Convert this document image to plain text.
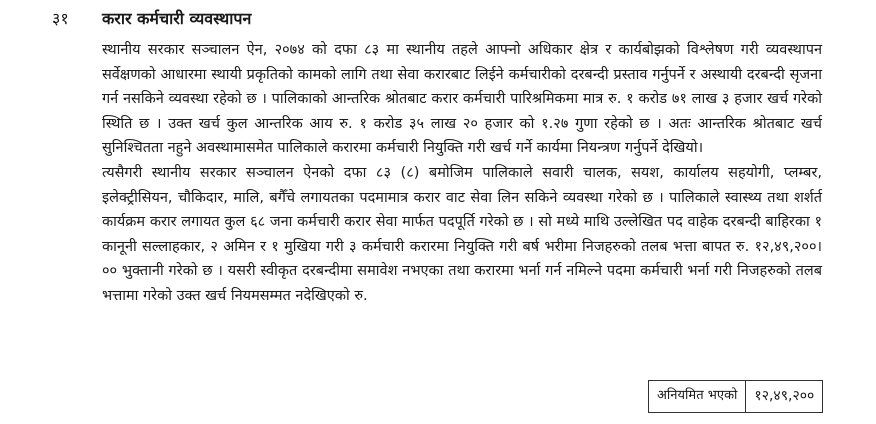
३१ करार कर्मचारी व्यवस्थापन

स्थानीय सरकार सञ्चालन ऐन, २०७४ को दफा ८३ मा स्थानीय तहले आफ्नो अधिकार क्षेत्र र कार्यबोझको विश्लेषण गरी व्यवस्थापन सर्वेक्षणको आधारमा स्थायी प्रकृतिको कामको लागि तथा सेवा करारबाट लिईने कर्मचारीको दरबन्दी प्रस्ताव गर्नुपर्ने र अस्थायी दरबन्दी सृजना गर्न नसकिने व्यवस्था रहेको छ । पालिकाको आन्तरिक श्रोतबाट करार कर्मचारी पारिश्रमिकमा मात्र रु. १ करोड ७१ लाख ३ हजार खर्च गरेको स्थिति छ । उक्त खर्च कुल आन्तरिक आय रु. १ करोड ३५ लाख २० हजार को १.२७ गुणा रहेको छ । अतः आन्तरिक श्रोतबाट खर्च सुनिश्चितता नहुने अवस्थामासमेत पालिकाले करारमा कर्मचारी नियुक्ति गरी खर्च गर्ने कार्यमा नियन्त्रण गर्नुपर्ने देखियो।

त्यसैगरी स्थानीय सरकार सञ्चालन ऐनको दफा ८३ (८) बमोजिम पालिकाले सवारी चालक, सयश, कार्यालय सहयोगी, प्लम्बर, इलेक्ट्रीसियन, चौकिदार, मालि, बगैँचे लगायतका पदमामात्र करार वाट सेवा लिन सकिने व्यवस्था गरेको छ । पालिकाले स्वास्थ्य तथा शर्शर्त कार्यक्रम करार लगायत कुल ६८ जना कर्मचारी करार सेवा मार्फत पदपूर्ति गरेको छ । सो मध्ये माथि उल्लेखित पद वाहेक दरबन्दी बाहिरका १ कानूनी सल्लाहकार, २ अमिन र १ मुखिया गरी ३ कर्मचारी करारमा नियुक्ति गरी बर्ष भरीमा निजहरुको तलब भत्ता बापत रु. १२,४९,२००।०० भुक्तानी गरेको छ । यसरी स्वीकृत दरबन्दीमा समावेश नभएका तथा करारमा भर्ना गर्न नमिल्ने पदमा कर्मचारी भर्ना गरी निजहरुको तलब भत्तामा गरेको उक्त खर्च नियमसम्मत नदेखिएको रु.

अनियमित भएको	१२,४९,२००
